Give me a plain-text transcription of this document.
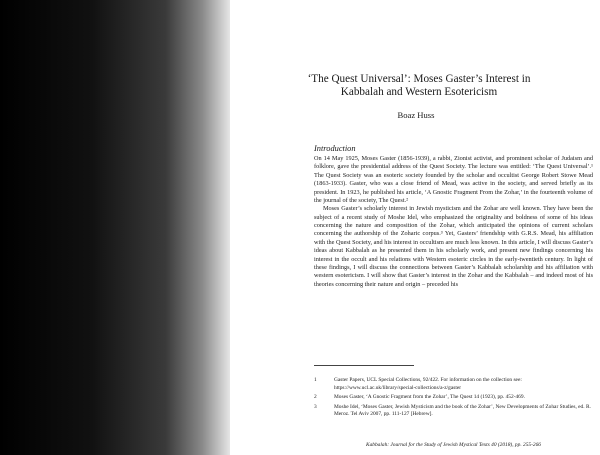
‘The Quest Universal’: Moses Gaster’s Interest in
Kabbalah and Western Esotericism
Boaz Huss
Introduction

On 14 May 1925, Moses Gaster (1856-1939), a rabbi, Zionist activist, and prominent scholar of Judaism and folklore, gave the presidential address of the Quest Society. The lecture was entitled: ‘The Quest Universal’.¹ The Quest Society was an esoteric society founded by the scholar and occultist George Robert Stowe Mead (1863-1933). Gaster, who was a close friend of Mead, was active in the society, and served briefly as its president. In 1923, he published his article, ‘A Gnostic Fragment From the Zohar,’ in the fourteenth volume of the journal of the society, The Quest.²

Moses Gaster’s scholarly interest in Jewish mysticism and the Zohar are well known. They have been the subject of a recent study of Moshe Idel, who emphasized the originality and boldness of some of his ideas concerning the nature and composition of the Zohar, which anticipated the opinions of current scholars concerning the authorship of the Zoharic corpus.³ Yet, Gasters’ friendship with G.R.S. Mead, his affiliation with the Quest Society, and his interest in occultism are much less known. In this article, I will discuss Gaster’s ideas about Kabbalah as he presented them in his scholarly work, and present new findings concerning his interest in the occult and his relations with Western esoteric circles in the early-twentieth century. In light of these findings, I will discuss the connections between Gaster’s Kabbalah scholarship and his affiliation with western esotericism. I will show that Gaster’s interest in the Zohar and the Kabbalah – and indeed most of his theories concerning their nature and origin – preceded his

1	Gaster Papers, UCL Special Collections, 92/422. For information on the collection see: https://www.ucl.ac.uk/library/special-collections/a-z/gaster
2	Moses Gaster, ‘A Gnostic Fragment from the Zohar’, The Quest 14 (1923), pp. 452-469.
3	Moshe Idel, ‘Moses Gaster, Jewish Mysticism and the book of the Zohar’, New Developments of Zohar Studies, ed. R. Meroz. Tel Aviv 2007, pp. 111-127 [Hebrew].
Kabbalah: Journal for the Study of Jewish Mystical Texts 40 (2018), pp. 255-266
